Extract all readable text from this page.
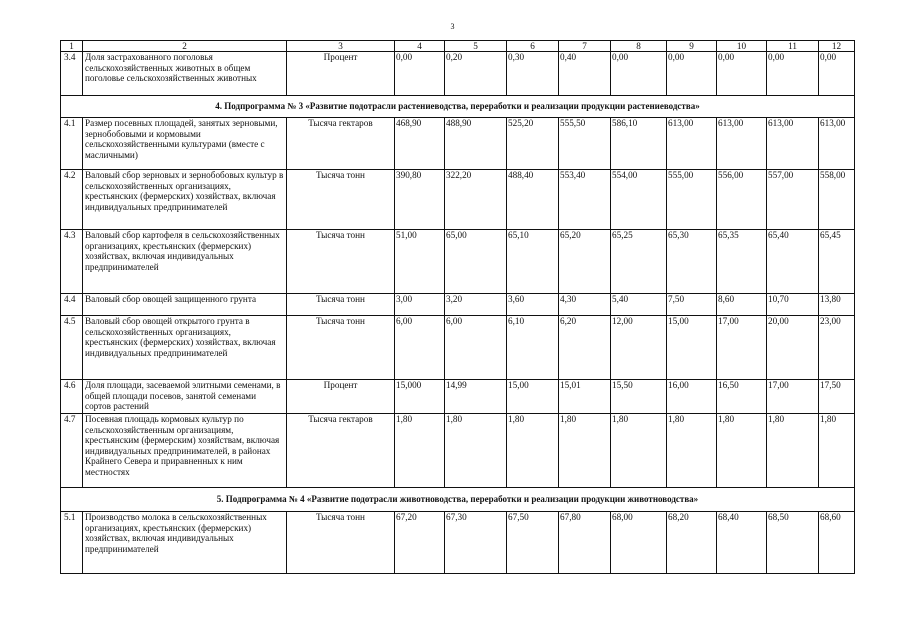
3
1	2	3	4	5	6	7	8	9	10	11	12
3.4	Доля застрахованного поголовья сельскохозяйственных животных в общем поголовье сельскохозяйственных животных	Процент	0,00	0,20	0,30	0,40	0,00	0,00	0,00	0,00	0,00
4. Подпрограмма № 3 «Развитие подотрасли растениеводства, переработки и реализации продукции растениеводства»											
4.1	Размер посевных площадей, занятых зерновыми, зернобобовыми и кормовыми сельскохозяйственными культурами (вместе с масличными)	Тысяча гектаров	468,90	488,90	525,20	555,50	586,10	613,00	613,00	613,00	613,00
4.2	Валовый сбор зерновых и зернобобовых культур в сельскохозяйственных организациях, крестьянских (фермерских) хозяйствах, включая индивидуальных предпринимателей	Тысяча тонн	390,80	322,20	488,40	553,40	554,00	555,00	556,00	557,00	558,00
4.3	Валовый сбор картофеля в сельскохозяйственных организациях, крестьянских (фермерских) хозяйствах, включая индивидуальных предпринимателей	Тысяча тонн	51,00	65,00	65,10	65,20	65,25	65,30	65,35	65,40	65,45
4.4	Валовый сбор овощей защищенного грунта	Тысяча тонн	3,00	3,20	3,60	4,30	5,40	7,50	8,60	10,70	13,80
4.5	Валовый сбор овощей открытого грунта в сельскохозяйственных организациях, крестьянских (фермерских) хозяйствах, включая индивидуальных предпринимателей	Тысяча тонн	6,00	6,00	6,10	6,20	12,00	15,00	17,00	20,00	23,00
4.6	Доля площади, засеваемой элитными семенами, в общей площади посевов, занятой семенами сортов растений	Процент	15,000	14,99	15,00	15,01	15,50	16,00	16,50	17,00	17,50
4.7	Посевная площадь кормовых культур по сельскохозяйственным организациям, крестьянским (фермерским) хозяйствам, включая индивидуальных предпринимателей, в районах Крайнего Севера и приравненных к ним местностях	Тысяча гектаров	1,80	1,80	1,80	1,80	1,80	1,80	1,80	1,80	1,80
5. Подпрограмма № 4 «Развитие подотрасли животноводства, переработки и реализации продукции животноводства»											
5.1	Производство молока в сельскохозяйственных организациях, крестьянских (фермерских) хозяйствах, включая индивидуальных предпринимателей	Тысяча тонн	67,20	67,30	67,50	67,80	68,00	68,20	68,40	68,50	68,60
